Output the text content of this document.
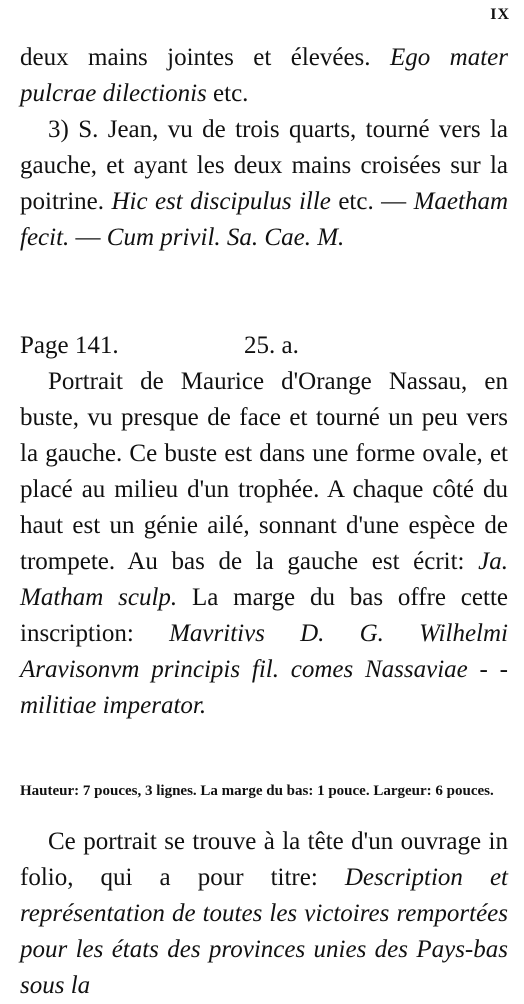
IX

deux mains jointes et élevées. Ego mater pulcrae dilectionis etc.

3) S. Jean, vu de trois quarts, tourné vers la gauche, et ayant les deux mains croisées sur la poitrine. Hic est discipulus ille etc. — Maetham fecit. — Cum privil. Sa. Cae. M.

Page 141.	25. a.

Portrait de Maurice d'Orange Nassau, en buste, vu presque de face et tourné un peu vers la gauche. Ce buste est dans une forme ovale, et placé au milieu d'un trophée. A chaque côté du haut est un génie ailé, sonnant d'une espèce de trompete. Au bas de la gauche est écrit: Ja. Matham sculp. La marge du bas offre cette inscription: Mavritivs D. G. Wilhelmi Aravisonvm principis fil. comes Nassaviae - - militiae imperator.

Hauteur: 7 pouces, 3 lignes. La marge du bas: 1 pouce. Largeur: 6 pouces.

Ce portrait se trouve à la tête d'un ouvrage in folio, qui a pour titre: Description et représentation de toutes les victoires remportées pour les états des provinces unies des Pays-bas sous la
